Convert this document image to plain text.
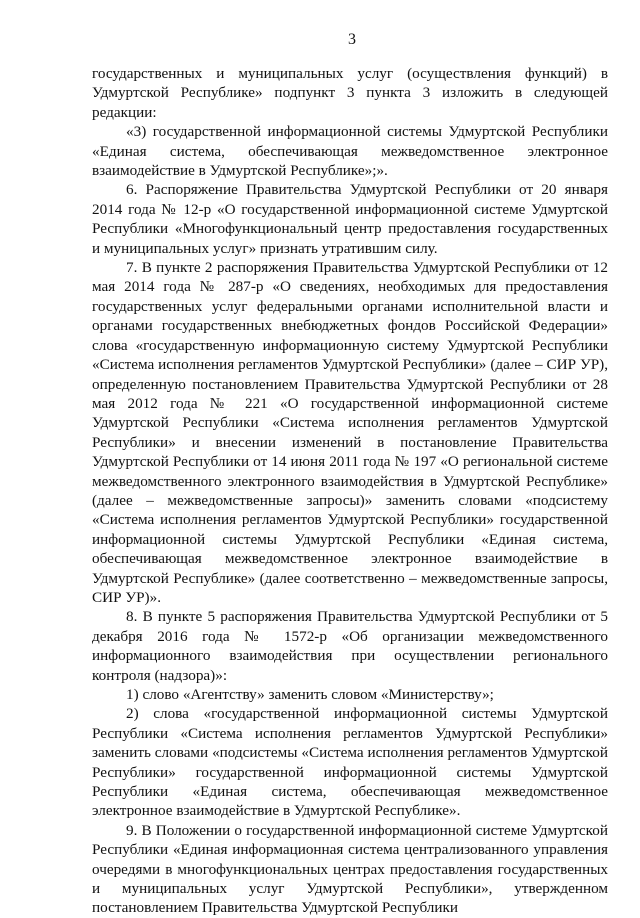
3

государственных и муниципальных услуг (осуществления функций) в Удмуртской Республике» подпункт 3 пункта 3 изложить в следующей редакции:

«3) государственной информационной системы Удмуртской Республики «Единая система, обеспечивающая межведомственное электронное взаимодействие в Удмуртской Республике»;».

6. Распоряжение Правительства Удмуртской Республики от 20 января 2014 года № 12-р «О государственной информационной системе Удмуртской Республики «Многофункциональный центр предоставления государственных и муниципальных услуг» признать утратившим силу.

7. В пункте 2 распоряжения Правительства Удмуртской Республики от 12 мая 2014 года № 287-р «О сведениях, необходимых для предоставления государственных услуг федеральными органами исполнительной власти и органами государственных внебюджетных фондов Российской Федерации» слова «государственную информационную систему Удмуртской Республики «Система исполнения регламентов Удмуртской Республики» (далее – СИР УР), определенную постановлением Правительства Удмуртской Республики от 28 мая 2012 года № 221 «О государственной информационной системе Удмуртской Республики «Система исполнения регламентов Удмуртской Республики» и внесении изменений в постановление Правительства Удмуртской Республики от 14 июня 2011 года № 197 «О региональной системе межведомственного электронного взаимодействия в Удмуртской Республике» (далее – межведомственные запросы)» заменить словами «подсистему «Система исполнения регламентов Удмуртской Республики» государственной информационной системы Удмуртской Республики «Единая система, обеспечивающая межведомственное электронное взаимодействие в Удмуртской Республике» (далее соответственно – межведомственные запросы, СИР УР)».

8. В пункте 5 распоряжения Правительства Удмуртской Республики от 5 декабря 2016 года № 1572-р «Об организации межведомственного информационного взаимодействия при осуществлении регионального контроля (надзора)»:

1) слово «Агентству» заменить словом «Министерству»;

2) слова «государственной информационной системы Удмуртской Республики «Система исполнения регламентов Удмуртской Республики» заменить словами «подсистемы «Система исполнения регламентов Удмуртской Республики» государственной информационной системы Удмуртской Республики «Единая система, обеспечивающая межведомственное электронное взаимодействие в Удмуртской Республике».

9. В Положении о государственной информационной системе Удмуртской Республики «Единая информационная система централизованного управления очередями в многофункциональных центрах предоставления государственных и муниципальных услуг Удмуртской Республики», утвержденном постановлением Правительства Удмуртской Республики
